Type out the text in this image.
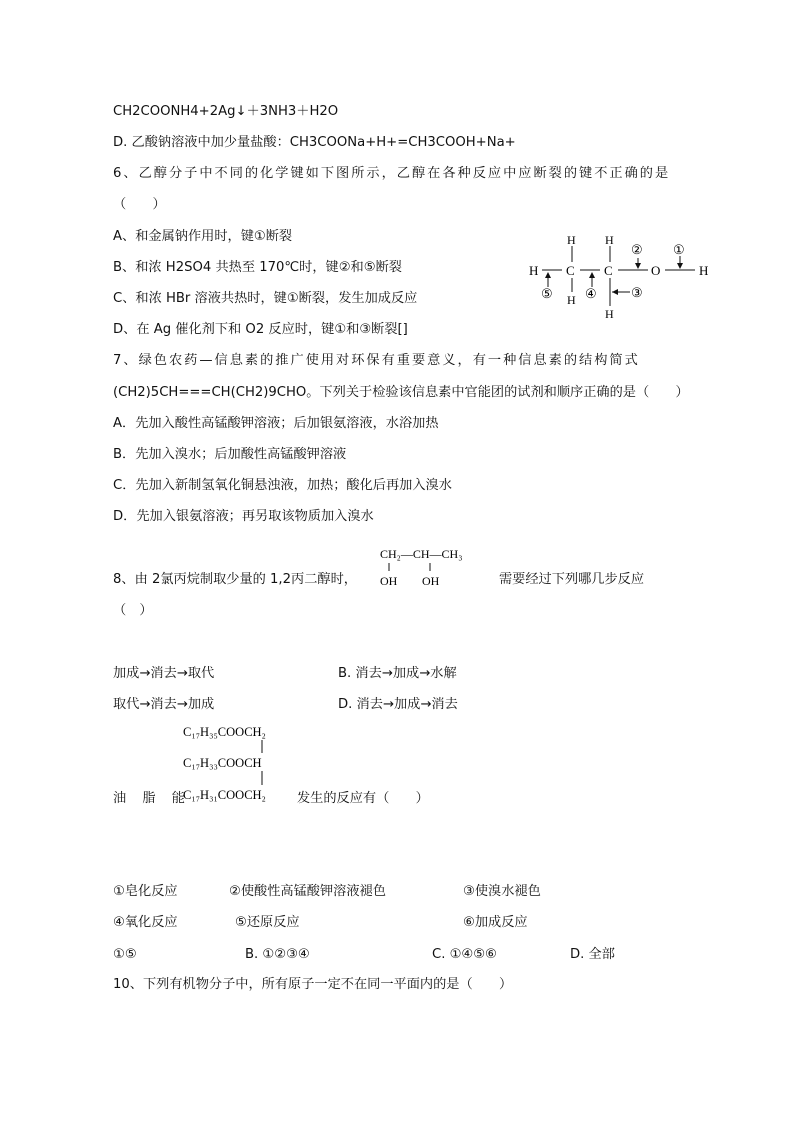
CH2COONH4+2Ag↓＋3NH3＋H2O
D. 乙酸钠溶液中加少量盐酸：CH3COONa+H+=CH3COOH+Na+
6、乙醇分子中不同的化学键如下图所示，乙醇在各种反应中应断裂的键不正确的是
（　　）
A、和金属钠作用时，键①断裂
B、和浓 H2SO4 共热至 170℃时，键②和⑤断裂
C、和浓 HBr 溶液共热时，键①断裂，发生加成反应
D、在 Ag 催化剂下和 O2 反应时，键①和③断裂[]
H C C	O	H
H H
H
H
①
②
③
④
⑤
7、绿色农药—信息素的推广使用对环保有重要意义，有一种信息素的结构简式
(CH2)5CH===CH(CH2)9CHO。下列关于检验该信息素中官能团的试剂和顺序正确的是（　　）
A．先加入酸性高锰酸钾溶液；后加银氨溶液，水浴加热
B．先加入溴水；后加酸性高锰酸钾溶液
C．先加入新制氢氧化铜悬浊液，加热；酸化后再加入溴水
D．先加入银氨溶液；再另取该物质加入溴水
8、由 2氯丙烷制取少量的 1,2丙二醇时，
CH₂—CH—CH₃
OH OH	需要经过下列哪几步反应
（　）
加成→消去→取代	B. 消去→加成→水解
取代→消去→加成	D. 消去→加成→消去
C₁₇H₃₅COOCH₂
C₁₇H₃₃COOCH
C₁₇H₃₁COOCH₂
油 脂 能	发生的反应有（　　）
①皂化反应	②使酸性高锰酸钾溶液褪色	③使溴水褪色
④氧化反应	⑤还原反应	⑥加成反应
①⑤	B. ①②③④	C. ①④⑤⑥	D. 全部
10、下列有机物分子中，所有原子一定不在同一平面内的是（　　）
